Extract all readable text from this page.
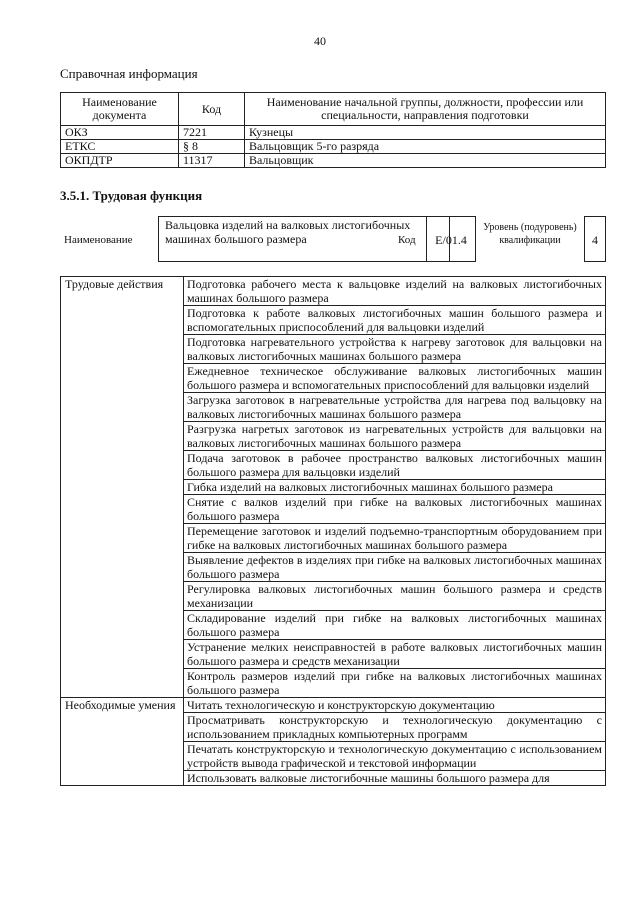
40
Справочная информация
Наименование документа	Код	Наименование начальной группы, должности, профессии или специальности, направления подготовки
ОКЗ	7221	Кузнецы
ЕТКС	§ 8	Вальцовщик 5-го разряда
ОКПДТР	11317	Вальцовщик
3.5.1. Трудовая функция
Наименование
Вальцовка изделий на валковых листогибочных машинах большого размера	Код	E/01.4
Уровень (подуровень) квалификации	4
Трудовые действия	Подготовка рабочего места к вальцовке изделий на валковых листогибочных машинах большого размера
	Подготовка к работе валковых листогибочных машин большого размера и вспомогательных приспособлений для вальцовки изделий
	Подготовка нагревательного устройства к нагреву заготовок для вальцовки на валковых листогибочных машинах большого размера
	Ежедневное техническое обслуживание валковых листогибочных машин большого размера и вспомогательных приспособлений для вальцовки изделий
	Загрузка заготовок в нагревательные устройства для нагрева под вальцовку на валковых листогибочных машинах большого размера
	Разгрузка нагретых заготовок из нагревательных устройств для вальцовки на валковых листогибочных машинах большого размера
	Подача заготовок в рабочее пространство валковых листогибочных машин большого размера для вальцовки изделий
	Гибка изделий на валковых листогибочных машинах большого размера
	Снятие с валков изделий при гибке на валковых листогибочных машинах большого размера
	Перемещение заготовок и изделий подъемно-транспортным оборудованием при гибке на валковых листогибочных машинах большого размера
	Выявление дефектов в изделиях при гибке на валковых листогибочных машинах большого размера
	Регулировка валковых листогибочных машин большого размера и средств механизации
	Складирование изделий при гибке на валковых листогибочных машинах большого размера
	Устранение мелких неисправностей в работе валковых листогибочных машин большого размера и средств механизации
	Контроль размеров изделий при гибке на валковых листогибочных машинах большого размера
Необходимые умения	Читать технологическую и конструкторскую документацию
	Просматривать конструкторскую и технологическую документацию с использованием прикладных компьютерных программ
	Печатать конструкторскую и технологическую документацию с использованием устройств вывода графической и текстовой информации
	Использовать валковые листогибочные машины большого размера для
